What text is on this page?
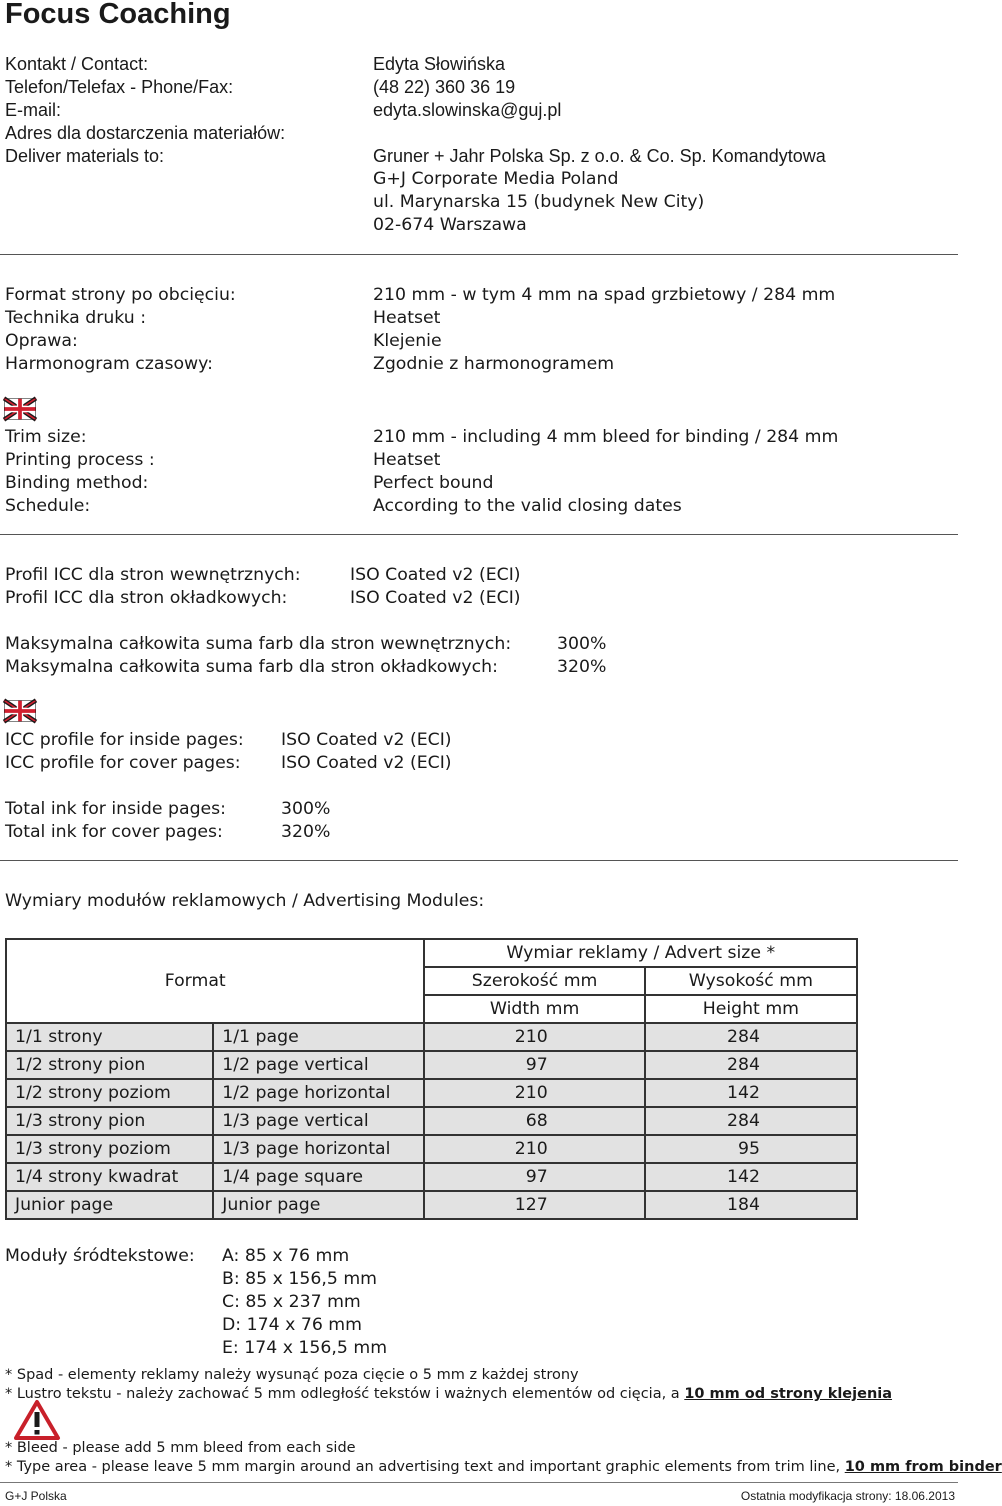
Focus Coaching
Kontakt / Contact:	Edyta Słowińska
Telefon/Telefax - Phone/Fax:	(48 22) 360 36 19
E-mail:	edyta.slowinska@guj.pl
Adres dla dostarczenia materiałów:
Deliver materials to:	Gruner + Jahr Polska Sp. z o.o. & Co. Sp. Komandytowa
G+J Corporate Media Poland
ul. Marynarska 15 (budynek New City)
02-674 Warszawa
Format strony po obcięciu:	210 mm - w tym 4 mm na spad grzbietowy / 284 mm
Technika druku :	Heatset
Oprawa:	Klejenie
Harmonogram czasowy:	Zgodnie z harmonogramem
Trim size:	210 mm - including 4 mm bleed for binding / 284 mm
Printing process :	Heatset
Binding method:	Perfect bound
Schedule:	According to the valid closing dates
Profil ICC dla stron wewnętrznych:	ISO Coated v2 (ECI)
Profil ICC dla stron okładkowych:	ISO Coated v2 (ECI)
Maksymalna całkowita suma farb dla stron wewnętrznych:	300%
Maksymalna całkowita suma farb dla stron okładkowych:	320%
ICC profile for inside pages: ISO Coated v2 (ECI)
ICC profile for cover pages: ISO Coated v2 (ECI)
Total ink for inside pages:	300%
Total ink for cover pages:	320%
Wymiary modułów reklamowych / Advertising Modules:
Format		Wymiar reklamy / Advert size *	
		Szerokość mm	Wysokość mm
		Width mm	Height mm
1/1 strony	1/1 page	210	284
1/2 strony pion	1/2 page vertical	97	284
1/2 strony poziom	1/2 page horizontal	210	142
1/3 strony pion	1/3 page vertical	68	284
1/3 strony poziom	1/3 page horizontal	210	95
1/4 strony kwadrat	1/4 page square	97	142
Junior page	Junior page	127	184
Moduły śródtekstowe: A: 85 x 76 mm
B: 85 x 156,5 mm
C: 85 x 237 mm
D: 174 x 76 mm
E: 174 x 156,5 mm
* Spad - elementy reklamy należy wysunąć poza cięcie o 5 mm z każdej strony
* Lustro tekstu - należy zachować 5 mm odległość tekstów i ważnych elementów od cięcia, a 10 mm od strony klejenia
* Bleed - please add 5 mm bleed from each side
* Type area - please leave 5 mm margin around an advertising text and important graphic elements from trim line, 10 mm from binder
G+J Polska	Ostatnia modyfikacja strony: 18.06.2013
